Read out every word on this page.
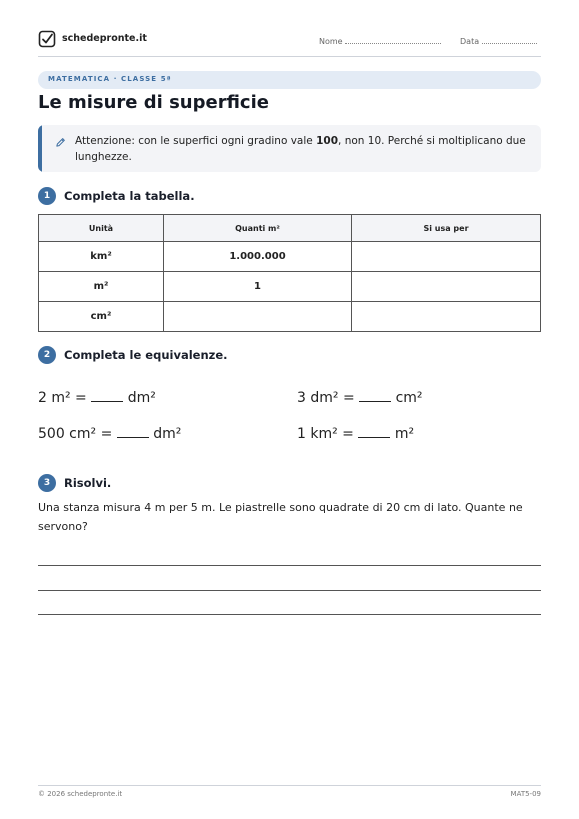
schedepronte.it	Nome	Data
MATEMATICA · CLASSE 5ª
Le misure di superficie
Attenzione: con le superfici ogni gradino vale 100, non 10. Perché si moltiplicano due lunghezze.
1	Completa la tabella.
Unità	Quanti m²	Si usa per
km²	1.000.000	
m²	1	
cm²		
2	Completa le equivalenze.
2 m² =	dm²	3 dm² =	cm²
500 cm² =	dm²	1 km² =	m²
3	Risolvi.
Una stanza misura 4 m per 5 m. Le piastrelle sono quadrate di 20 cm di lato. Quante ne servono?
© 2026 schedepronte.it	MAT5-09
